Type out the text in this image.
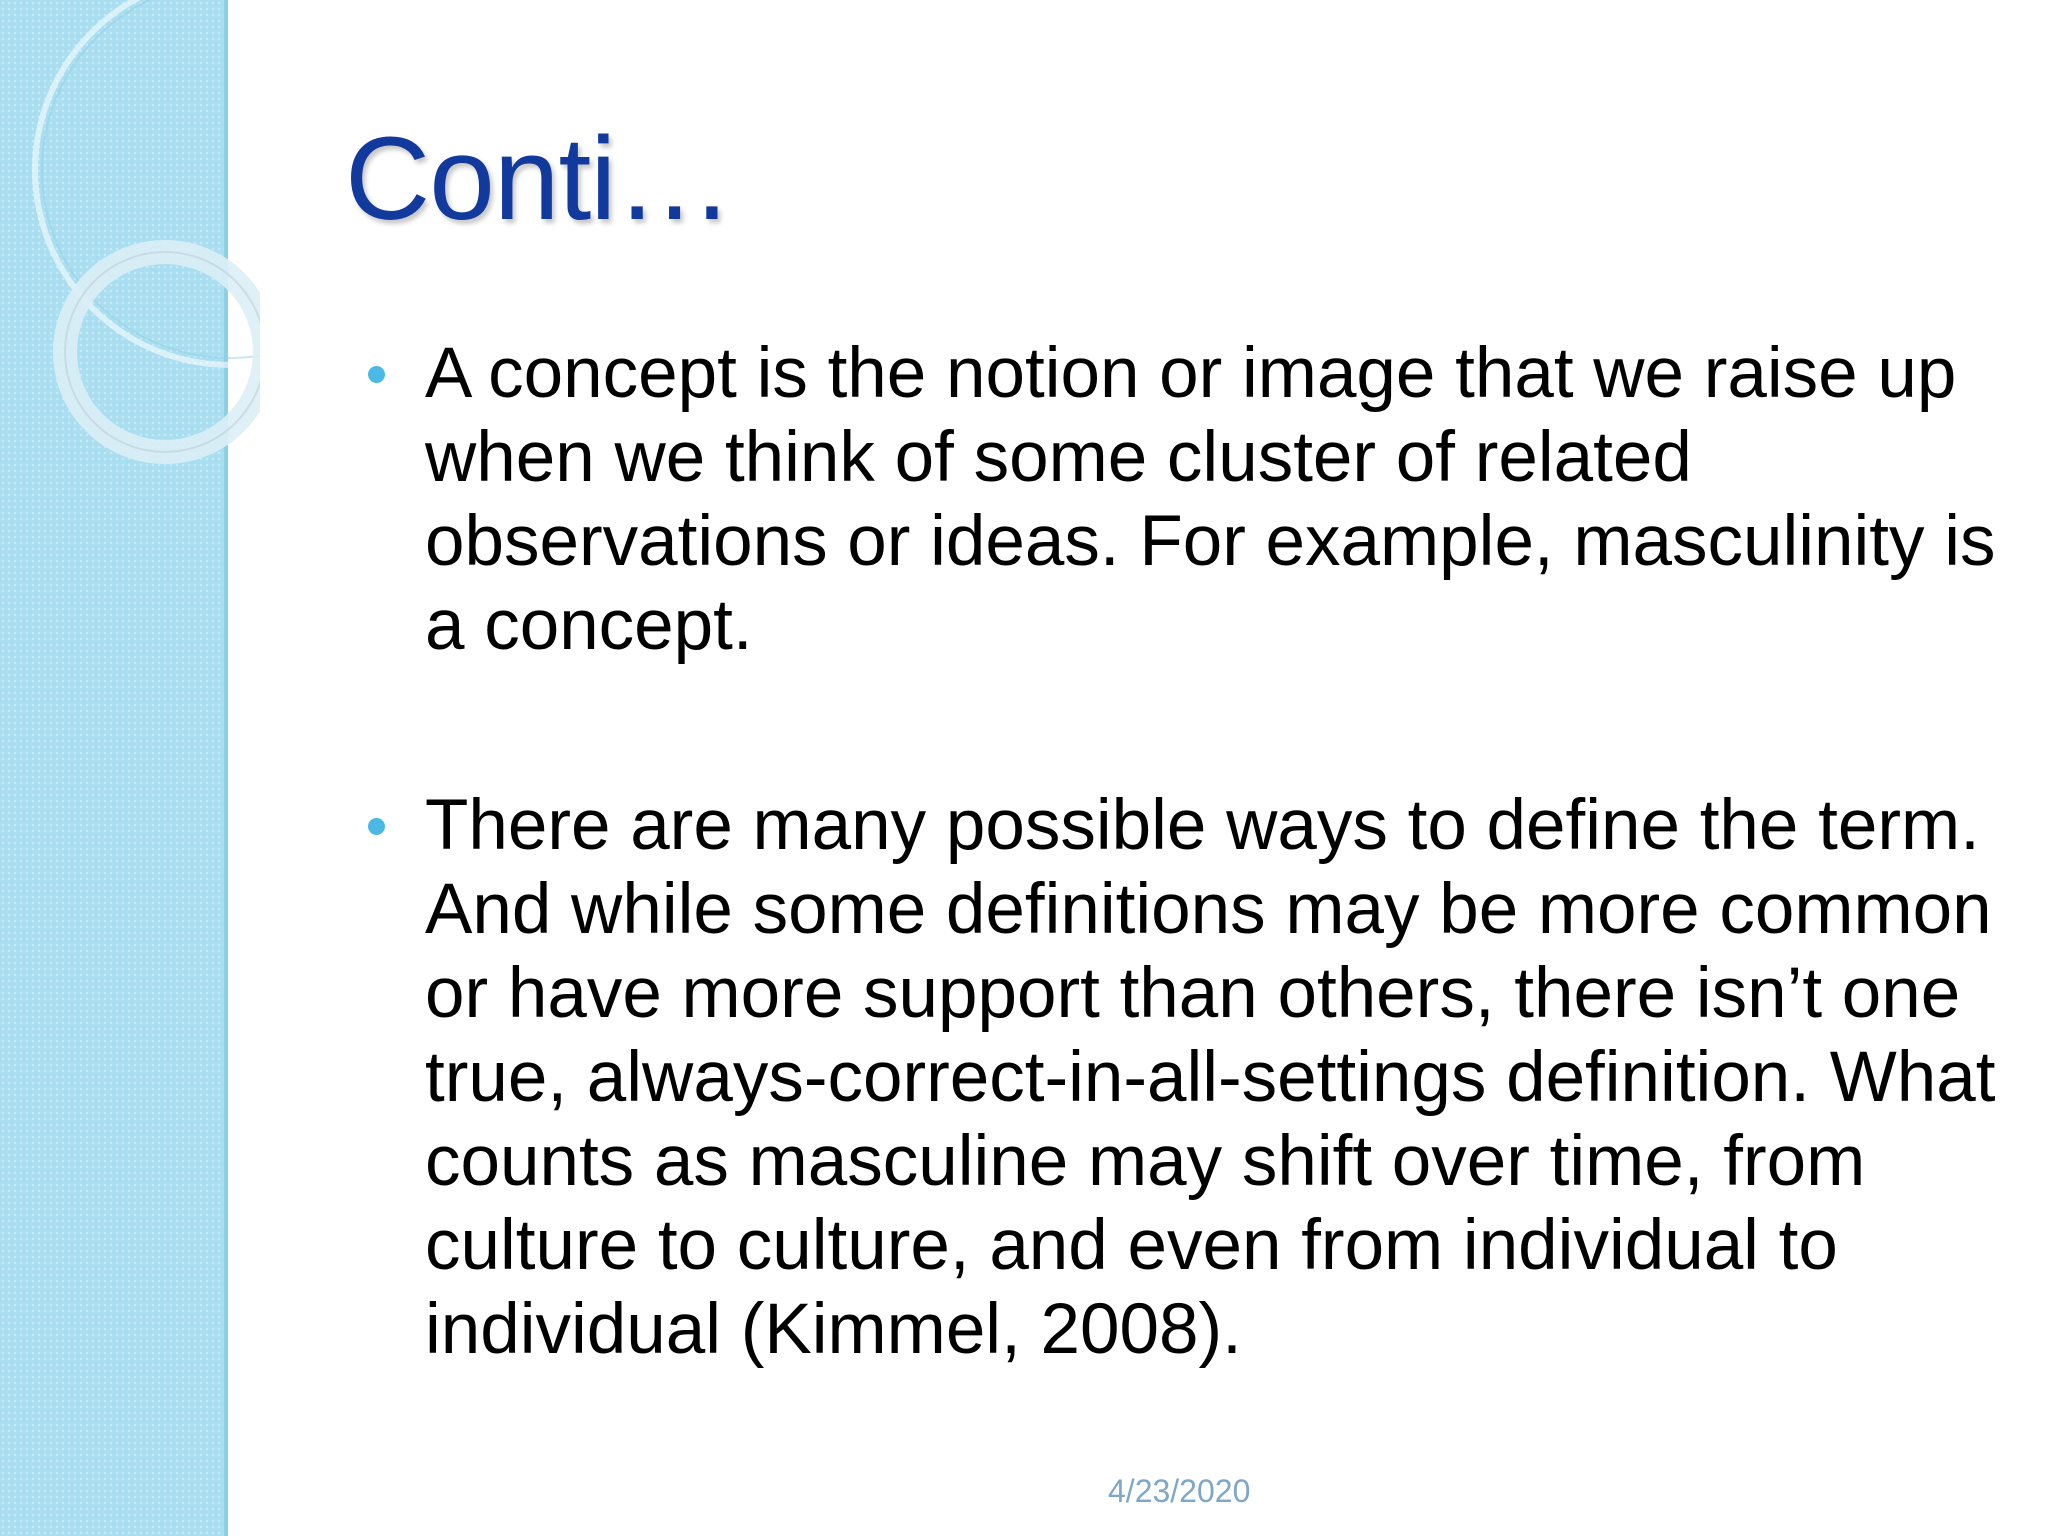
Conti…
A concept is the notion or image that we raise up when we think of some cluster of related observations or ideas. For example, masculinity is a concept.
There are many possible ways to define the term. And while some definitions may be more common or have more support than others, there isn’t one true, always-correct-in-all-settings definition. What counts as masculine may shift over time, from culture to culture, and even from individual to individual (Kimmel, 2008).
4/23/2020
